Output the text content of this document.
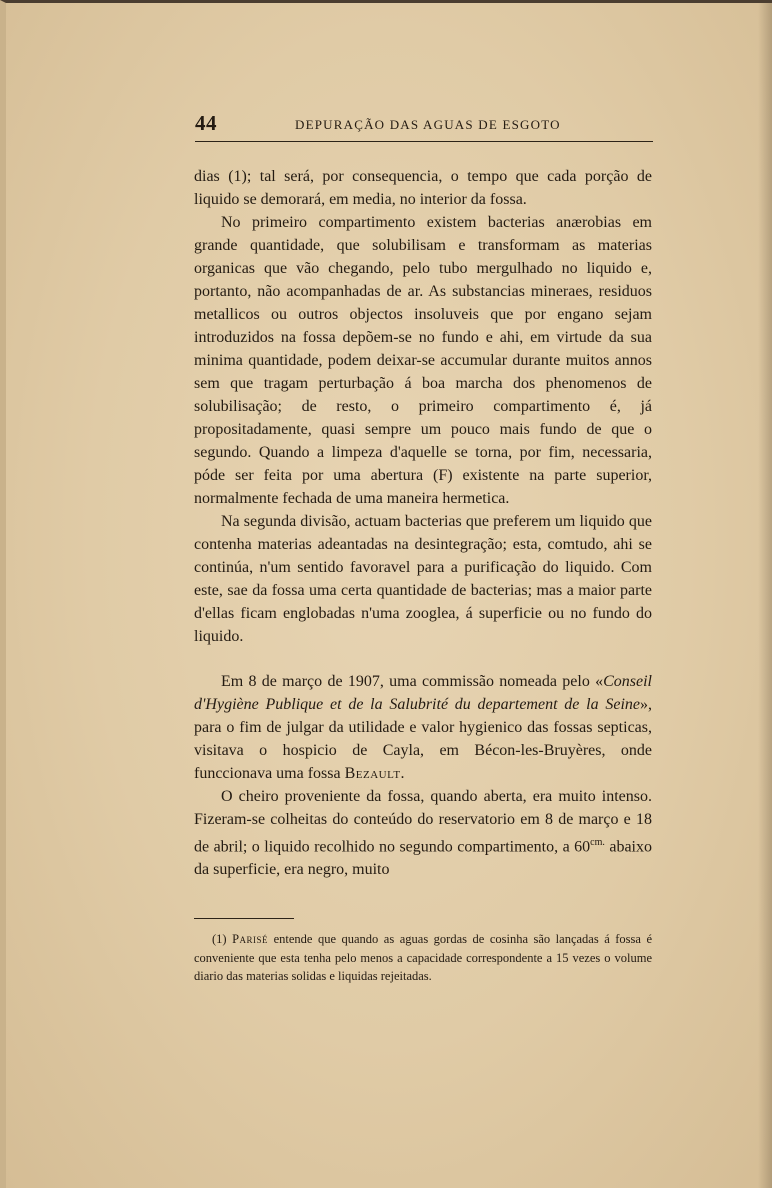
44	DEPURAÇÃO DAS AGUAS DE ESGOTO

dias (1); tal será, por consequencia, o tempo que cada porção de liquido se demorará, em media, no interior da fossa.

No primeiro compartimento existem bacterias anærobias em grande quantidade, que solubilisam e transformam as materias organicas que vão chegando, pelo tubo mergulhado no liquido e, portanto, não acompanhadas de ar. As substancias mineraes, residuos metallicos ou outros objectos insoluveis que por engano sejam introduzidos na fossa depõem-se no fundo e ahi, em virtude da sua minima quantidade, podem deixar-se accumular durante muitos annos sem que tragam perturbação á boa marcha dos phenomenos de solubilisação; de resto, o primeiro compartimento é, já propositadamente, quasi sempre um pouco mais fundo de que o segundo. Quando a limpeza d'aquelle se torna, por fim, necessaria, póde ser feita por uma abertura (F) existente na parte superior, normalmente fechada de uma maneira hermetica.

Na segunda divisão, actuam bacterias que preferem um liquido que contenha materias adeantadas na desintegração; esta, comtudo, ahi se continúa, n'um sentido favoravel para a purificação do liquido. Com este, sae da fossa uma certa quantidade de bacterias; mas a maior parte d'ellas ficam englobadas n'uma zooglea, á superficie ou no fundo do liquido.

Em 8 de março de 1907, uma commissão nomeada pelo «Conseil d'Hygiène Publique et de la Salubrité du departement de la Seine», para o fim de julgar da utilidade e valor hygienico das fossas septicas, visitava o hospicio de Cayla, em Bécon-les-Bruyères, onde funccionava uma fossa Bezault.

O cheiro proveniente da fossa, quando aberta, era muito intenso. Fizeram-se colheitas do conteúdo do reservatorio em 8 de março e 18 de abril; o liquido recolhido no segundo compartimento, a $60^{cm.}$ abaixo da superficie, era negro, muito

(1) Parisé entende que quando as aguas gordas de cosinha são lançadas á fossa é conveniente que esta tenha pelo menos a capacidade correspondente a 15 vezes o volume diario das materias solidas e liquidas rejeitadas.
